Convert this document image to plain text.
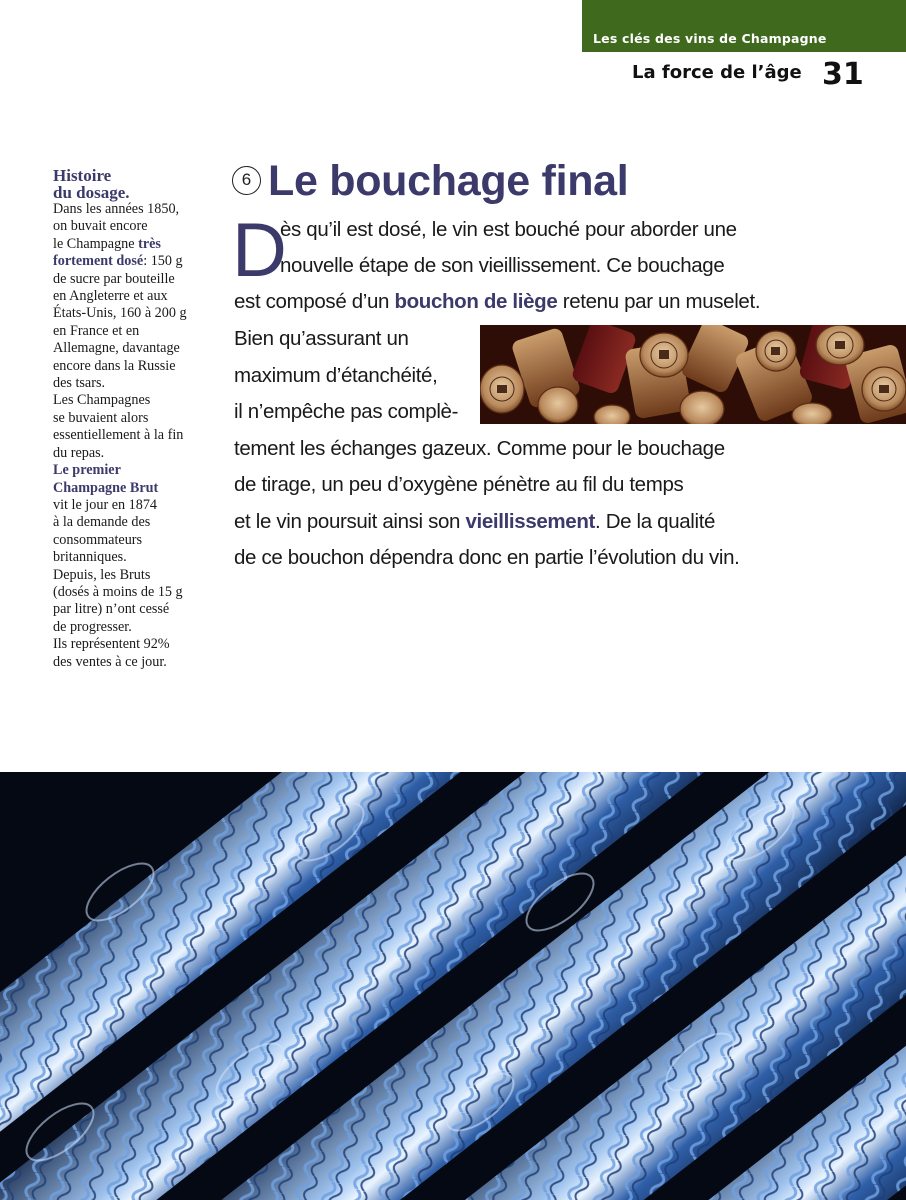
Les clés des vins de Champagne
La force de l’âge 31

Histoire

du dosage.

Dans les années 1850,

on buvait encore

le Champagne très

fortement dosé: 150 g

de sucre par bouteille

en Angleterre et aux

États-Unis, 160 à 200 g

en France et en

Allemagne, davantage

encore dans la Russie

des tsars.

Les Champagnes

se buvaient alors

essentiellement à la fin

du repas.

Le premier

Champagne Brut

vit le jour en 1874

à la demande des

consommateurs

britanniques.

Depuis, les Bruts

(dosés à moins de 15 g

par litre) n’ont cessé

de progresser.

Ils représentent 92%

des ventes à ce jour.

6 Le bouchage final
D
ès qu’il est dosé, le vin est bouché pour aborder une
nouvelle étape de son vieillissement. Ce bouchage
est composé d’un bouchon de liège retenu par un muselet.
Bien qu’assurant un
maximum d’étanchéité,
il n’empêche pas complè-
tement les échanges gazeux. Comme pour le bouchage
de tirage, un peu d’oxygène pénètre au fil du temps
et le vin poursuit ainsi son vieillissement. De la qualité
de ce bouchon dépendra donc en partie l’évolution du vin.
